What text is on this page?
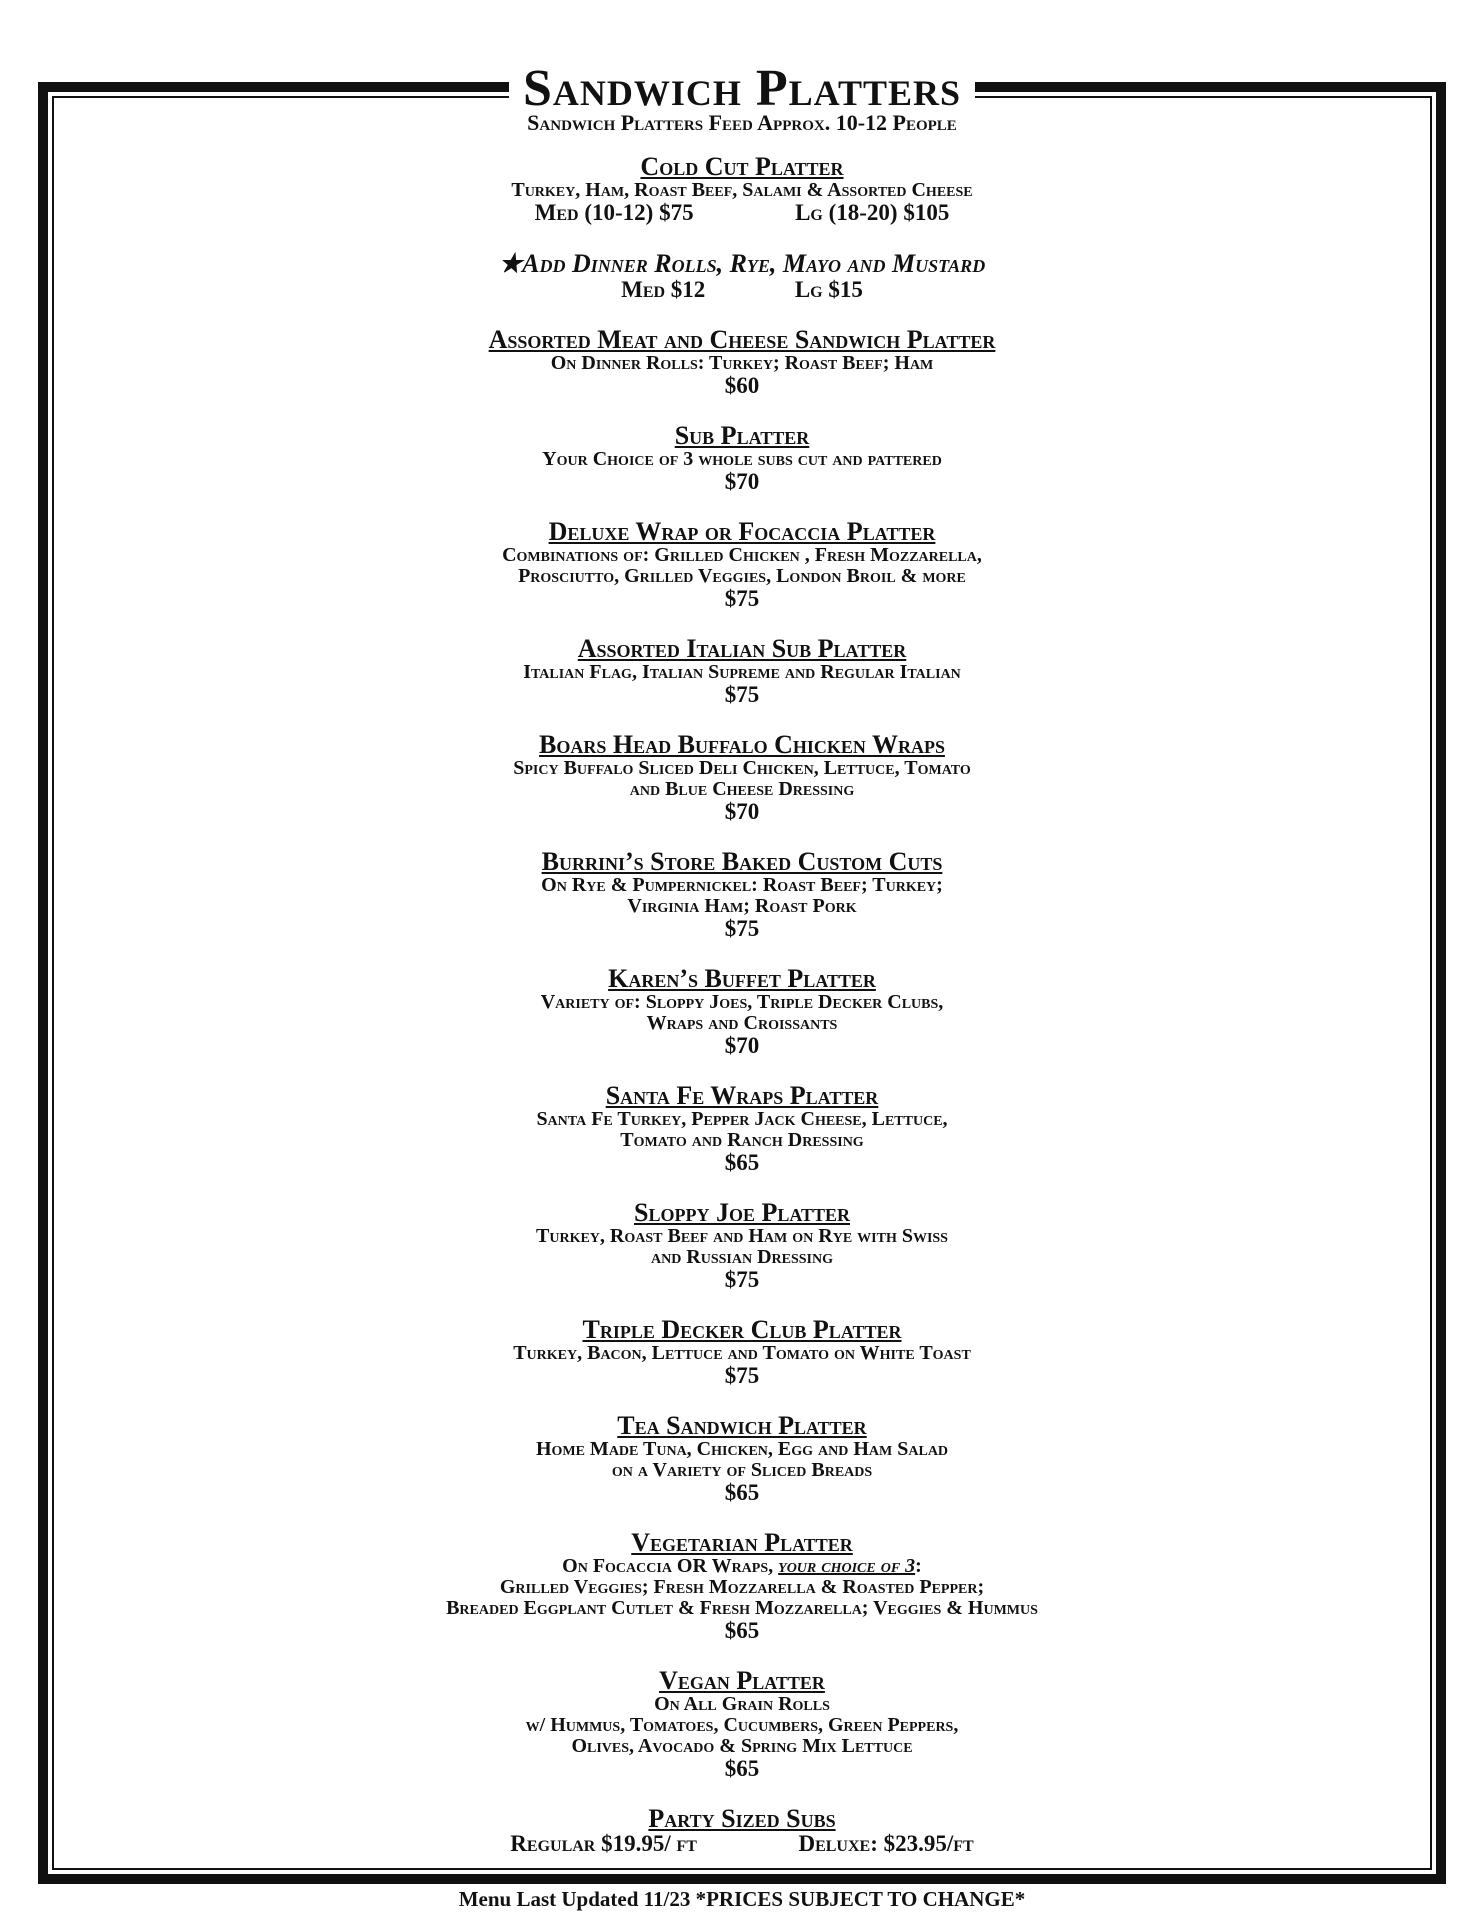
Sandwich Platters
Sandwich Platters Feed Approx. 10-12 People
Cold Cut Platter
Turkey, Ham, Roast Beef, Salami & Assorted Cheese
Med (10-12) $75	Lg (18-20) $105
★Add Dinner Rolls, Rye, Mayo and Mustard
Med $12	Lg $15
Assorted Meat and Cheese Sandwich Platter
On Dinner Rolls: Turkey; Roast Beef; Ham
$60
Sub Platter
Your Choice of 3 whole subs cut and pattered
$70
Deluxe Wrap or Focaccia Platter
Combinations of: Grilled Chicken , Fresh Mozzarella,
Prosciutto, Grilled Veggies, London Broil & more
$75
Assorted Italian Sub Platter
Italian Flag, Italian Supreme and Regular Italian
$75
Boars Head Buffalo Chicken Wraps
Spicy Buffalo Sliced Deli Chicken, Lettuce, Tomato
and Blue Cheese Dressing
$70
Burrini’s Store Baked Custom Cuts
On Rye & Pumpernickel: Roast Beef; Turkey;
Virginia Ham; Roast Pork
$75
Karen’s Buffet Platter
Variety of: Sloppy Joes, Triple Decker Clubs,
Wraps and Croissants
$70
Santa Fe Wraps Platter
Santa Fe Turkey, Pepper Jack Cheese, Lettuce,
Tomato and Ranch Dressing
$65
Sloppy Joe Platter
Turkey, Roast Beef and Ham on Rye with Swiss
and Russian Dressing
$75
Triple Decker Club Platter
Turkey, Bacon, Lettuce and Tomato on White Toast
$75
Tea Sandwich Platter
Home Made Tuna, Chicken, Egg and Ham Salad
on a Variety of Sliced Breads
$65
Vegetarian Platter
On Focaccia OR Wraps, your choice of 3:
Grilled Veggies; Fresh Mozzarella & Roasted Pepper;
Breaded Eggplant Cutlet & Fresh Mozzarella; Veggies & Hummus
$65
Vegan Platter
On All Grain Rolls
w/ Hummus, Tomatoes, Cucumbers, Green Peppers,
Olives, Avocado & Spring Mix Lettuce
$65
Party Sized Subs
Regular $19.95/ ft	Deluxe: $23.95/ft
Menu Last Updated 11/23 *PRICES SUBJECT TO CHANGE*
